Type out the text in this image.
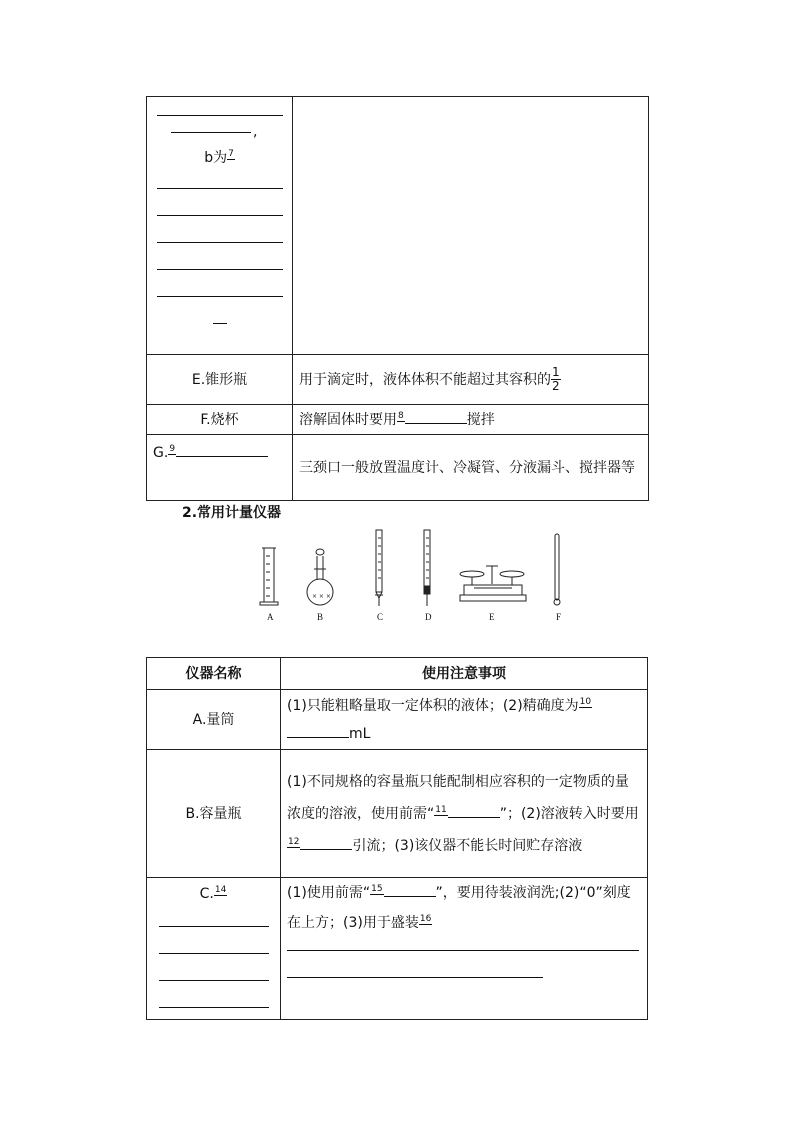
,
b为7	

E.锥形瓶	用于滴定时，液体体积不能超过其容积的 $\frac{1}{2}$

F.烧杯	溶解固体时要用8 搅拌
G.9	三颈口一般放置温度计、冷凝管、分液漏斗、搅拌器等
2.常用计量仪器
× × ×
A	B	C	D	E	F
仪器名称	使用注意事项
A.量筒	(1)只能粗略量取一定体积的液体；(2)精确度为10
mL
B.容量瓶	(1)不同规格的容量瓶只能配制相应容积的一定物质的量浓度的溶液，使用前需“11 ”；(2)溶液转入时要用12 引流；(3)该仪器不能长时间贮存溶液

C.14	(1)使用前需“15 ”，要用待装液润洗;(2)“0”刻度在上方；(3)用于盛装16
